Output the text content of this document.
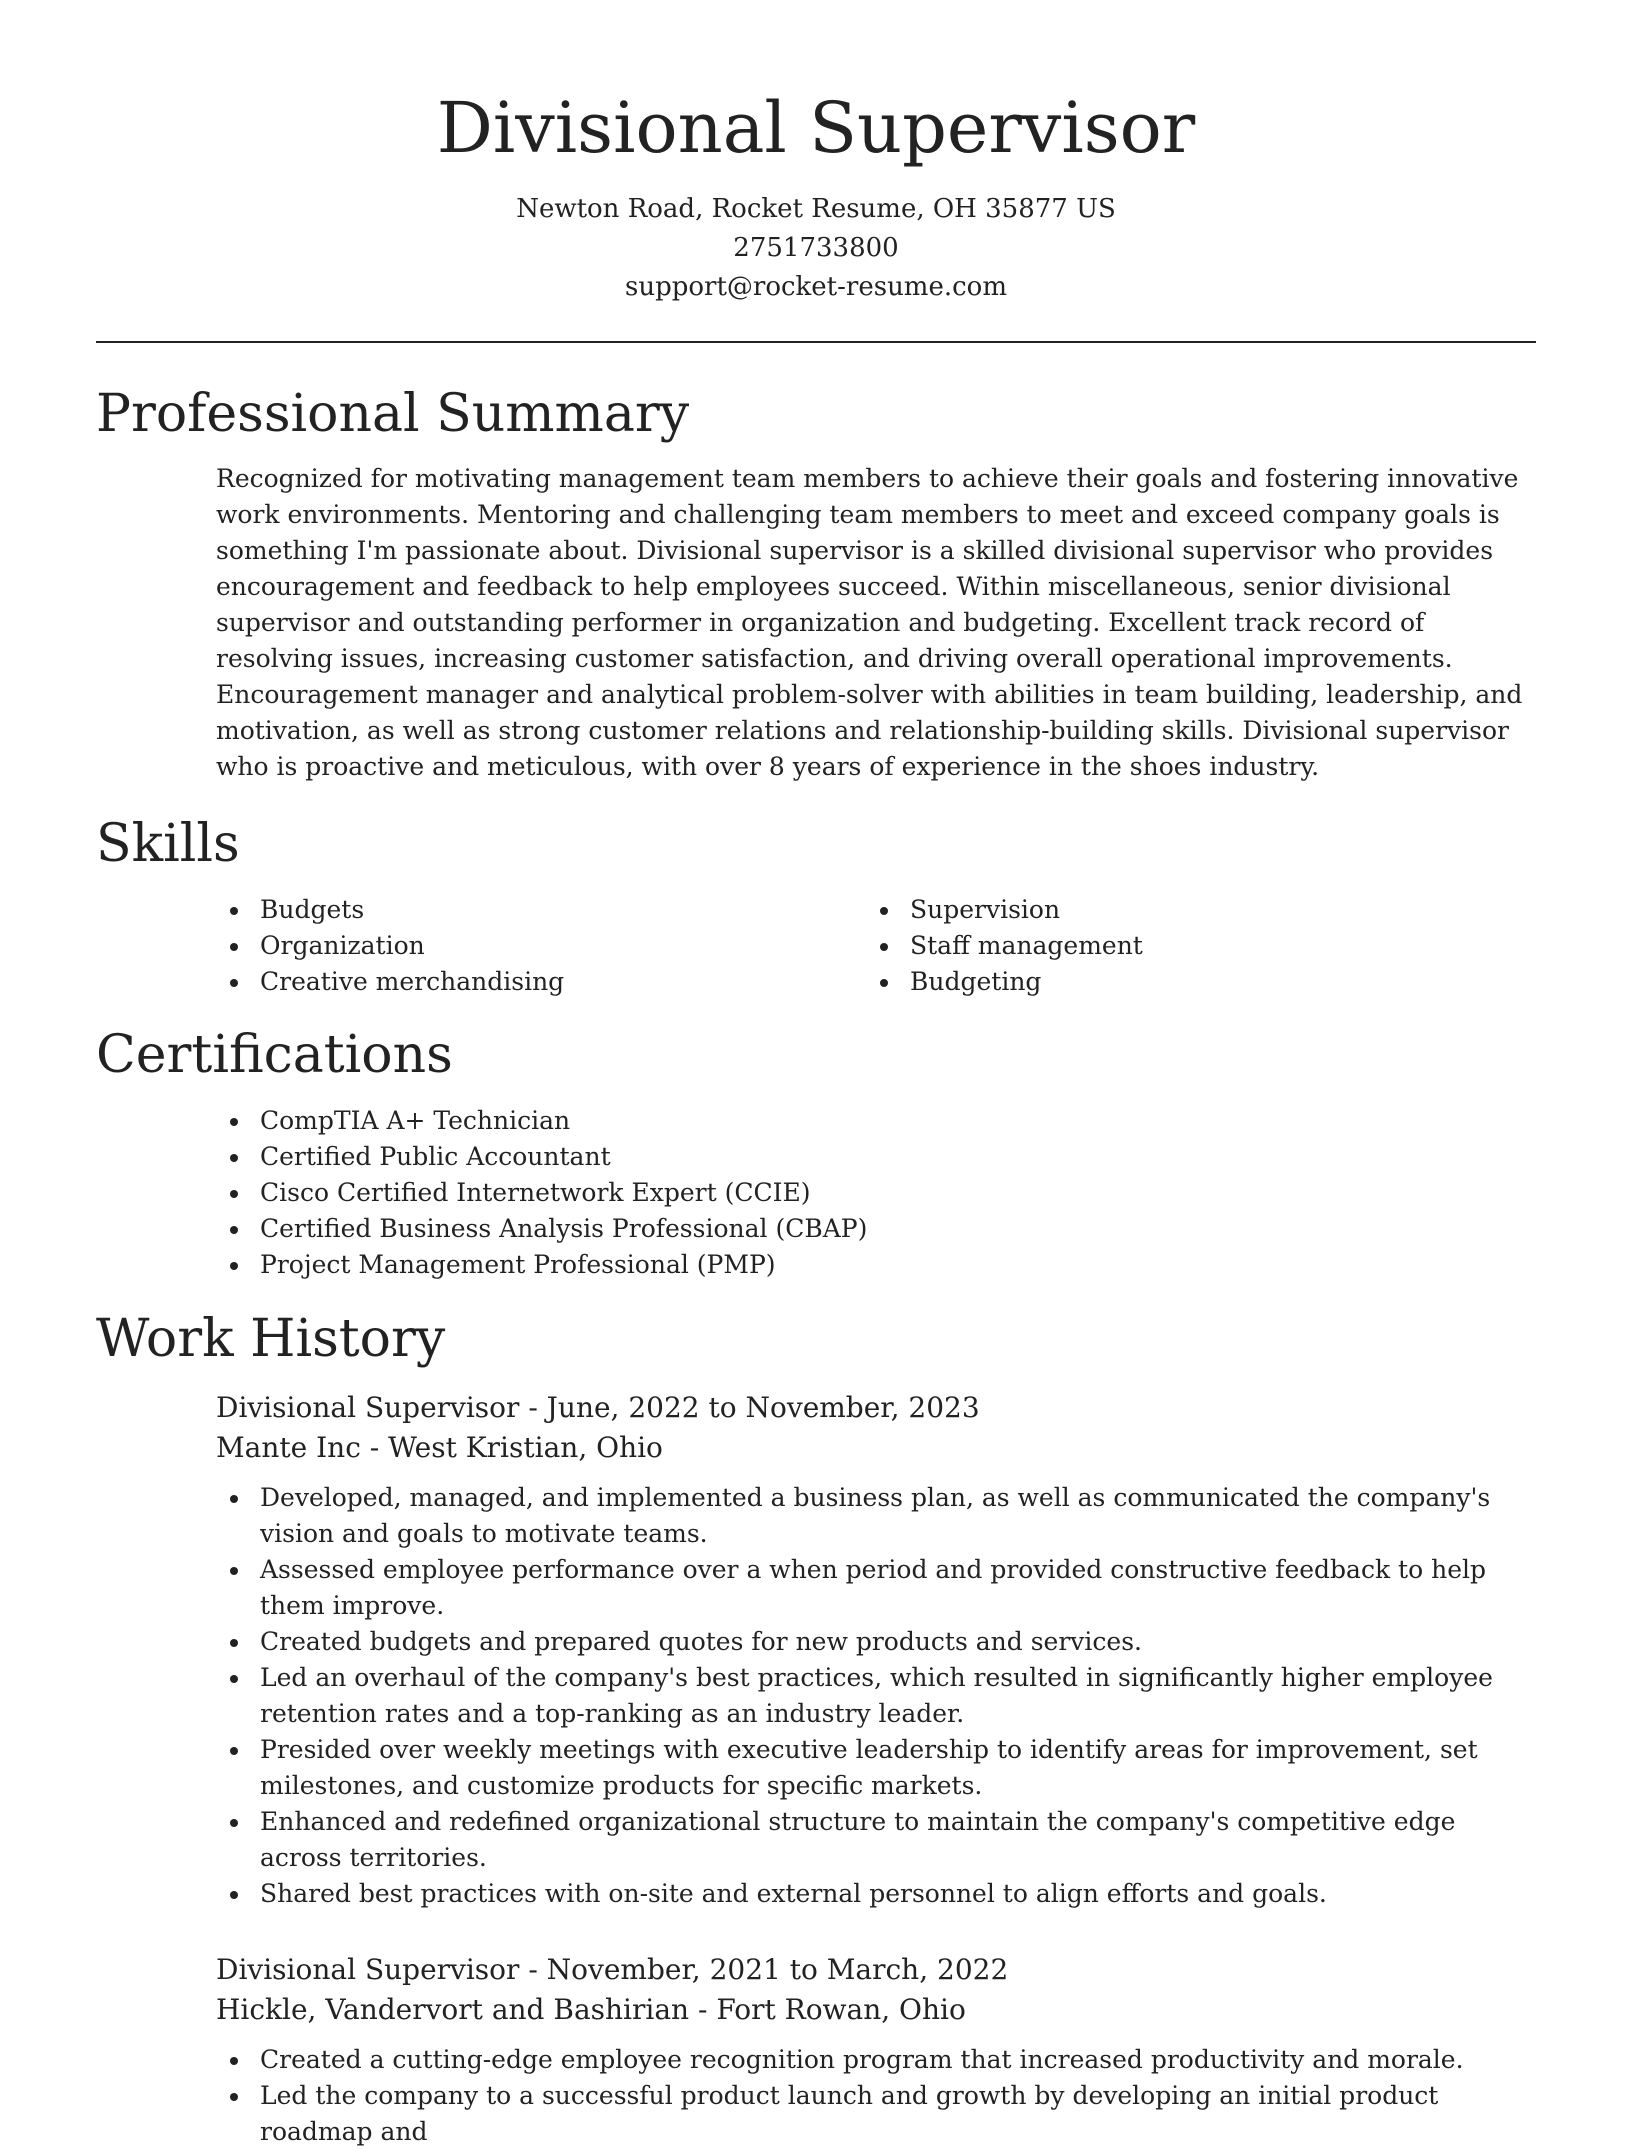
Divisional Supervisor
Newton Road, Rocket Resume, OH 35877 US
2751733800
support@rocket-resume.com
Professional Summary

Recognized for motivating management team members to achieve their goals and fostering innovative work environments. Mentoring and challenging team members to meet and exceed company goals is something I'm passionate about. Divisional supervisor is a skilled divisional supervisor who provides encouragement and feedback to help employees succeed. Within miscellaneous, senior divisional supervisor and outstanding performer in organization and budgeting. Excellent track record of resolving issues, increasing customer satisfaction, and driving overall operational improvements. Encouragement manager and analytical problem-solver with abilities in team building, leadership, and motivation, as well as strong customer relations and relationship-building skills. Divisional supervisor who is proactive and meticulous, with over 8 years of experience in the shoes industry.

Skills
Budgets
Organization
Creative merchandising
Supervision
Staff management
Budgeting
Certifications
CompTIA A+ Technician
Certified Public Accountant
Cisco Certified Internetwork Expert (CCIE)
Certified Business Analysis Professional (CBAP)
Project Management Professional (PMP)
Work History
Divisional Supervisor - June, 2022 to November, 2023
Mante Inc - West Kristian, Ohio
Developed, managed, and implemented a business plan, as well as communicated the company's vision and goals to motivate teams.
Assessed employee performance over a when period and provided constructive feedback to help them improve.
Created budgets and prepared quotes for new products and services.
Led an overhaul of the company's best practices, which resulted in significantly higher employee retention rates and a top-ranking as an industry leader.
Presided over weekly meetings with executive leadership to identify areas for improvement, set milestones, and customize products for specific markets.
Enhanced and redefined organizational structure to maintain the company's competitive edge across territories.
Shared best practices with on-site and external personnel to align efforts and goals.
Divisional Supervisor - November, 2021 to March, 2022
Hickle, Vandervort and Bashirian - Fort Rowan, Ohio
Created a cutting-edge employee recognition program that increased productivity and morale.
Led the company to a successful product launch and growth by developing an initial product roadmap and
